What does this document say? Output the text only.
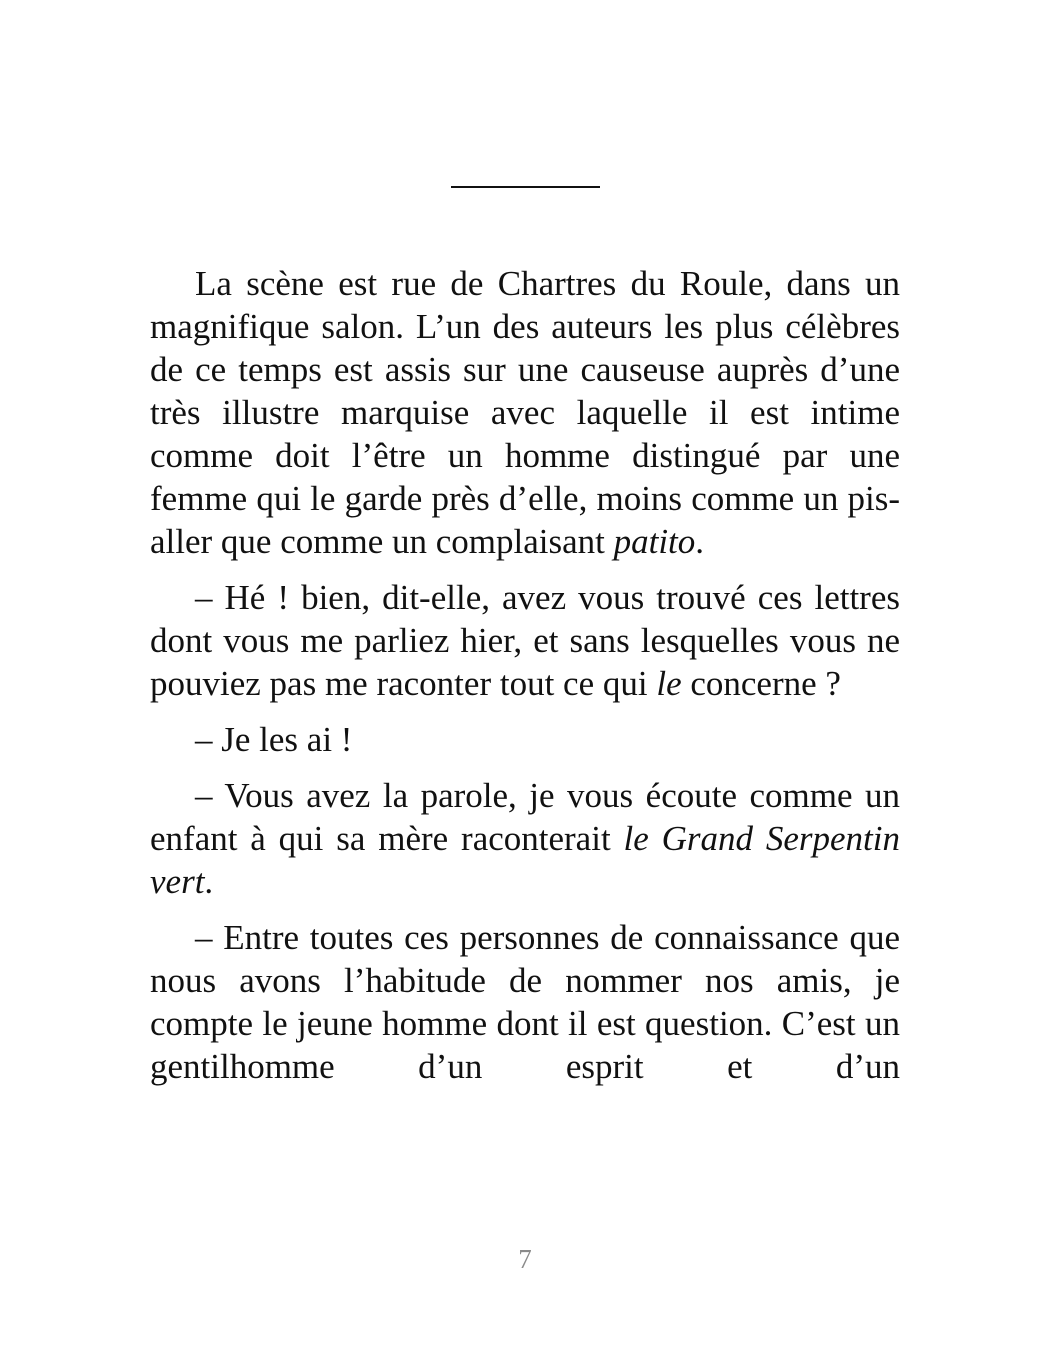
La scène est rue de Chartres du Roule, dans un magnifique salon. L’un des auteurs les plus célèbres de ce temps est assis sur une causeuse auprès d’une très illustre marquise avec laquelle il est intime comme doit l’être un homme distingué par une femme qui le garde près d’elle, moins comme un pis-aller que comme un complaisant patito.

– Hé ! bien, dit-elle, avez vous trouvé ces lettres dont vous me parliez hier, et sans lesquelles vous ne pouviez pas me raconter tout ce qui le concerne ?

– Je les ai !

– Vous avez la parole, je vous écoute comme un enfant à qui sa mère raconterait le Grand Serpentin vert.

– Entre toutes ces personnes de connaissance que nous avons l’habitude de nommer nos amis, je compte le jeune homme dont il est question. C’est un gentilhomme d’un esprit et d’un

7
